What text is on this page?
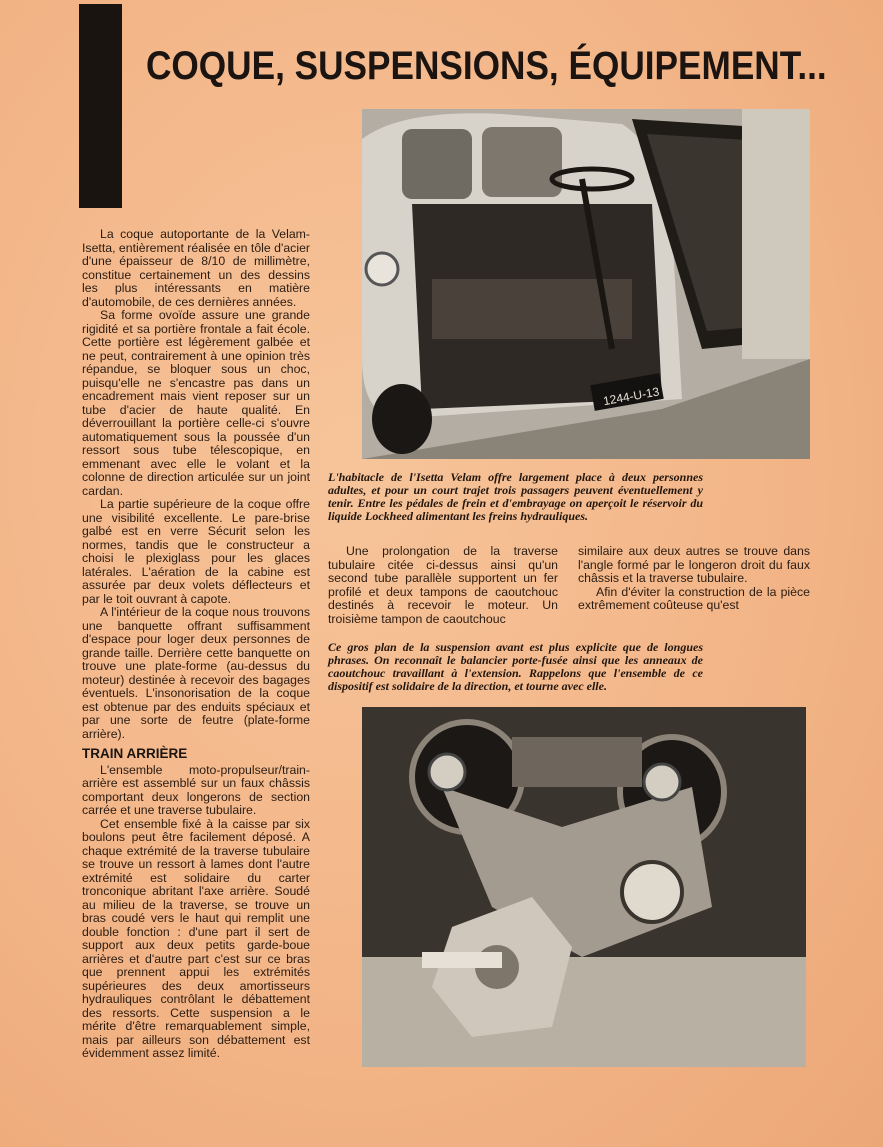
COQUE, SUSPENSIONS, ÉQUIPEMENT...
1244-U-13
L'habitacle de l'Isetta Velam offre largement place à deux personnes adultes, et pour un court trajet trois passagers peuvent éventuellement y tenir. Entre les pédales de frein et d'embrayage on aperçoit le réservoir du liquide Lockheed alimentant les freins hydrauliques.

La coque autoportante de la Velam-Isetta, entièrement réalisée en tôle d'acier d'une épaisseur de 8/10 de millimètre, constitue certainement un des dessins les plus intéressants en matière d'automobile, de ces dernières années.

Sa forme ovoïde assure une grande rigidité et sa portière frontale a fait école. Cette portière est légèrement galbée et ne peut, contrairement à une opinion très répandue, se bloquer sous un choc, puisqu'elle ne s'encastre pas dans un encadrement mais vient reposer sur un tube d'acier de haute qualité. En déverrouillant la portière celle-ci s'ouvre automatiquement sous la poussée d'un ressort sous tube télescopique, en emmenant avec elle le volant et la colonne de direction articulée sur un joint cardan.

La partie supérieure de la coque offre une visibilité excellente. Le pare-brise galbé est en verre Sécurit selon les normes, tandis que le constructeur a choisi le plexiglass pour les glaces latérales. L'aération de la cabine est assurée par deux volets déflecteurs et par le toit ouvrant à capote.

A l'intérieur de la coque nous trouvons une banquette offrant suffisamment d'espace pour loger deux personnes de grande taille. Derrière cette banquette on trouve une plate-forme (au-dessus du moteur) destinée à recevoir des bagages éventuels. L'insonorisation de la coque est obtenue par des enduits spéciaux et par une sorte de feutre (plate-forme arrière).

TRAIN ARRIÈRE

L'ensemble moto-propulseur/train-arrière est assemblé sur un faux châssis comportant deux longerons de section carrée et une traverse tubulaire.

Cet ensemble fixé à la caisse par six boulons peut être facilement déposé. A chaque extrémité de la traverse tubulaire se trouve un ressort à lames dont l'autre extrémité est solidaire du carter tronconique abritant l'axe arrière. Soudé au milieu de la traverse, se trouve un bras coudé vers le haut qui remplit une double fonction : d'une part il sert de support aux deux petits garde-boue arrières et d'autre part c'est sur ce bras que prennent appui les extrémités supérieures des deux amortisseurs hydrauliques contrôlant le débattement des ressorts. Cette suspension a le mérite d'être remarquablement simple, mais par ailleurs son débattement est évidemment assez limité.

Une prolongation de la traverse tubulaire citée ci-dessus ainsi qu'un second tube parallèle supportent un fer profilé et deux tampons de caoutchouc destinés à recevoir le moteur. Un troisième tampon de caoutchouc

similaire aux deux autres se trouve dans l'angle formé par le longeron droit du faux châssis et la traverse tubulaire.

Afin d'éviter la construction de la pièce extrêmement coûteuse qu'est

Ce gros plan de la suspension avant est plus explicite que de longues phrases. On reconnaît le balancier porte-fusée ainsi que les anneaux de caoutchouc travaillant à l'extension. Rappelons que l'ensemble de ce dispositif est solidaire de la direction, et tourne avec elle.
